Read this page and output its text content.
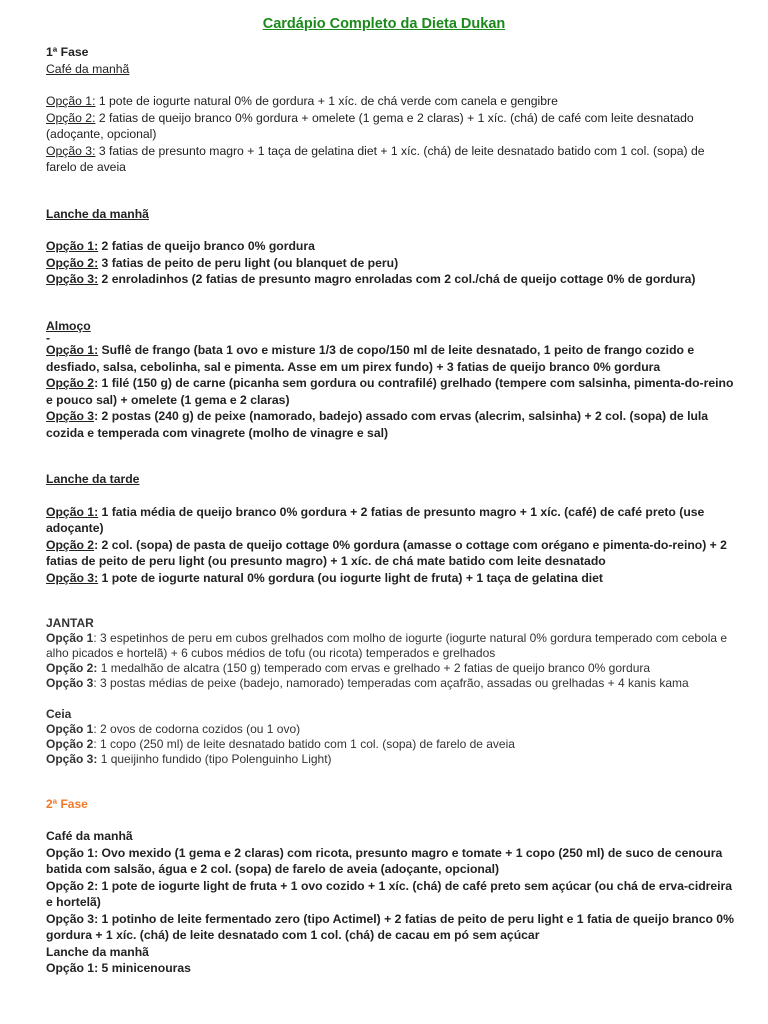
Cardápio Completo da Dieta Dukan
1ª Fase
Café da manhã
Opção 1: 1 pote de iogurte natural 0% de gordura + 1 xíc. de chá verde com canela e gengibre
Opção 2: 2 fatias de queijo branco 0% gordura + omelete (1 gema e 2 claras) + 1 xíc. (chá) de café com leite desnatado (adoçante, opcional)
Opção 3: 3 fatias de presunto magro + 1 taça de gelatina diet + 1 xíc. (chá) de leite desnatado batido com 1 col. (sopa) de farelo de aveia
Lanche da manhã
Opção 1: 2 fatias de queijo branco 0% gordura
Opção 2: 3 fatias de peito de peru light (ou blanquet de peru)
Opção 3: 2 enroladinhos (2 fatias de presunto magro enroladas com 2 col./chá de queijo cottage 0% de gordura)
Almoço
-
Opção 1: Suflê de frango (bata 1 ovo e misture 1/3 de copo/150 ml de leite desnatado, 1 peito de frango cozido e desfiado, salsa, cebolinha, sal e pimenta. Asse em um pirex fundo) + 3 fatias de queijo branco 0% gordura
Opção 2: 1 filé (150 g) de carne (picanha sem gordura ou contrafilé) grelhado (tempere com salsinha, pimenta-do-reino e pouco sal) + omelete (1 gema e 2 claras)
Opção 3: 2 postas (240 g) de peixe (namorado, badejo) assado com ervas (alecrim, salsinha) + 2 col. (sopa) de lula cozida e temperada com vinagrete (molho de vinagre e sal)
Lanche da tarde
Opção 1: 1 fatia média de queijo branco 0% gordura + 2 fatias de presunto magro + 1 xíc. (café) de café preto (use adoçante)
Opção 2: 2 col. (sopa) de pasta de queijo cottage 0% gordura (amasse o cottage com orégano e pimenta-do-reino) + 2 fatias de peito de peru light (ou presunto magro) + 1 xíc. de chá mate batido com leite desnatado
Opção 3: 1 pote de iogurte natural 0% gordura (ou iogurte light de fruta) + 1 taça de gelatina diet
JANTAR
Opção 1: 3 espetinhos de peru em cubos grelhados com molho de iogurte (iogurte natural 0% gordura temperado com cebola e alho picados e hortelã) + 6 cubos médios de tofu (ou ricota) temperados e grelhados
Opção 2: 1 medalhão de alcatra (150 g) temperado com ervas e grelhado + 2 fatias de queijo branco 0% gordura
Opção 3: 3 postas médias de peixe (badejo, namorado) temperadas com açafrão, assadas ou grelhadas + 4 kanis kama
Ceia
Opção 1: 2 ovos de codorna cozidos (ou 1 ovo)
Opção 2: 1 copo (250 ml) de leite desnatado batido com 1 col. (sopa) de farelo de aveia
Opção 3: 1 queijinho fundido (tipo Polenguinho Light)
2ª Fase
Café da manhã
Opção 1: Ovo mexido (1 gema e 2 claras) com ricota, presunto magro e tomate + 1 copo (250 ml) de suco de cenoura batida com salsão, água e 2 col. (sopa) de farelo de aveia (adoçante, opcional)
Opção 2: 1 pote de iogurte light de fruta + 1 ovo cozido + 1 xíc. (chá) de café preto sem açúcar (ou chá de erva-cidreira e hortelã)
Opção 3: 1 potinho de leite fermentado zero (tipo Actimel) + 2 fatias de peito de peru light e 1 fatia de queijo branco 0% gordura + 1 xíc. (chá) de leite desnatado com 1 col. (chá) de cacau em pó sem açúcar
Lanche da manhã
Opção 1: 5 minicenouras
